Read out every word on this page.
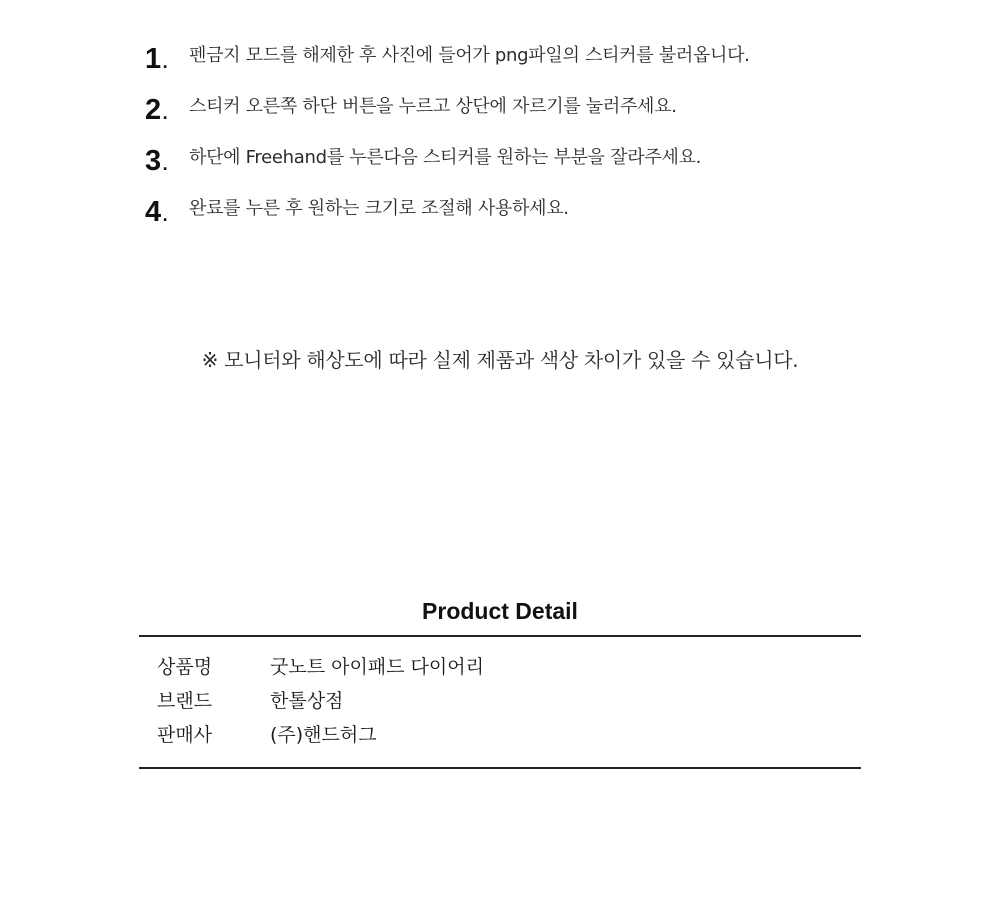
1 . 펜금지 모드를 해제한 후 사진에 들어가 png파일의 스티커를 불러옵니다.
2 . 스티커 오른쪽 하단 버튼을 누르고 상단에 자르기를 눌러주세요.
3 . 하단에 Freehand를 누른다음 스티커를 원하는 부분을 잘라주세요.
4 . 완료를 누른 후 원하는 크기로 조절해 사용하세요.
※ 모니터와 해상도에 따라 실제 제품과 색상 차이가 있을 수 있습니다.
Product Detail
상품명	굿노트 아이패드 다이어리
브랜드	한톨상점
판매사	(주)핸드허그
